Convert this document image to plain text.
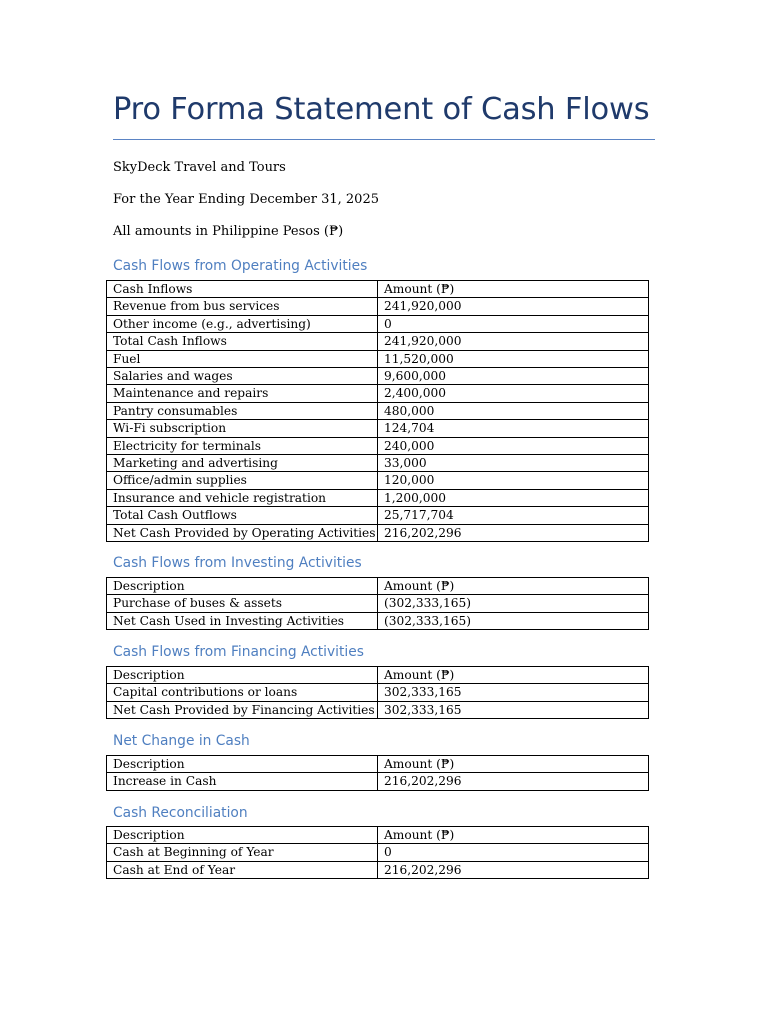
Pro Forma Statement of Cash Flows
SkyDeck Travel and Tours
For the Year Ending December 31, 2025
All amounts in Philippine Pesos (₱)
Cash Flows from Operating Activities
Cash Inflows	Amount (₱)
Revenue from bus services	241,920,000
Other income (e.g., advertising)	0
Total Cash Inflows	241,920,000
Fuel	11,520,000
Salaries and wages	9,600,000
Maintenance and repairs	2,400,000
Pantry consumables	480,000
Wi-Fi subscription	124,704
Electricity for terminals	240,000
Marketing and advertising	33,000
Office/admin supplies	120,000
Insurance and vehicle registration	1,200,000
Total Cash Outflows	25,717,704
Net Cash Provided by Operating Activities	216,202,296
Cash Flows from Investing Activities
Description	Amount (₱)
Purchase of buses & assets	(302,333,165)
Net Cash Used in Investing Activities	(302,333,165)
Cash Flows from Financing Activities
Description	Amount (₱)
Capital contributions or loans	302,333,165
Net Cash Provided by Financing Activities	302,333,165
Net Change in Cash
Description	Amount (₱)
Increase in Cash	216,202,296
Cash Reconciliation
Description	Amount (₱)
Cash at Beginning of Year	0
Cash at End of Year	216,202,296
